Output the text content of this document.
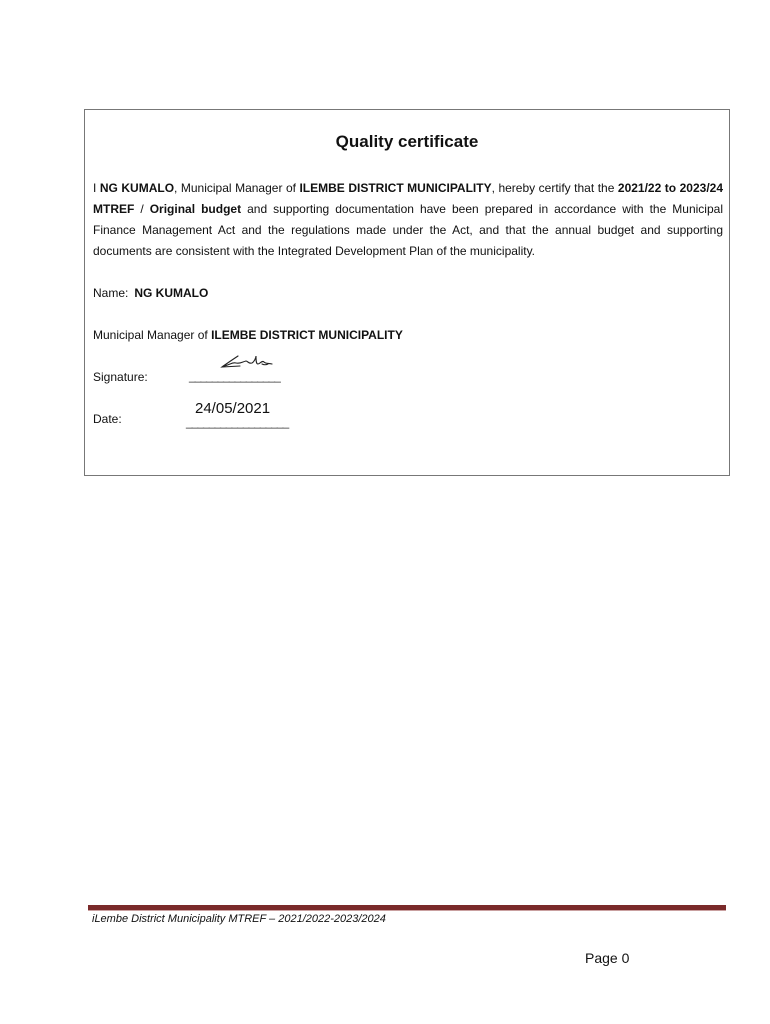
Quality certificate
I NG KUMALO, Municipal Manager of ILEMBE DISTRICT MUNICIPALITY, hereby certify that the 2021/22 to 2023/24 MTREF / Original budget and supporting documentation have been prepared in accordance with the Municipal Finance Management Act and the regulations made under the Act, and that the annual budget and supporting documents are consistent with the Integrated Development Plan of the municipality.
Name: NG KUMALO
Municipal Manager of ILEMBE DISTRICT MUNICIPALITY
Signature:	________________
Date:
24/05/2021
__________________
iLembe District Municipality MTREF – 2021/2022-2023/2024
Page 0
